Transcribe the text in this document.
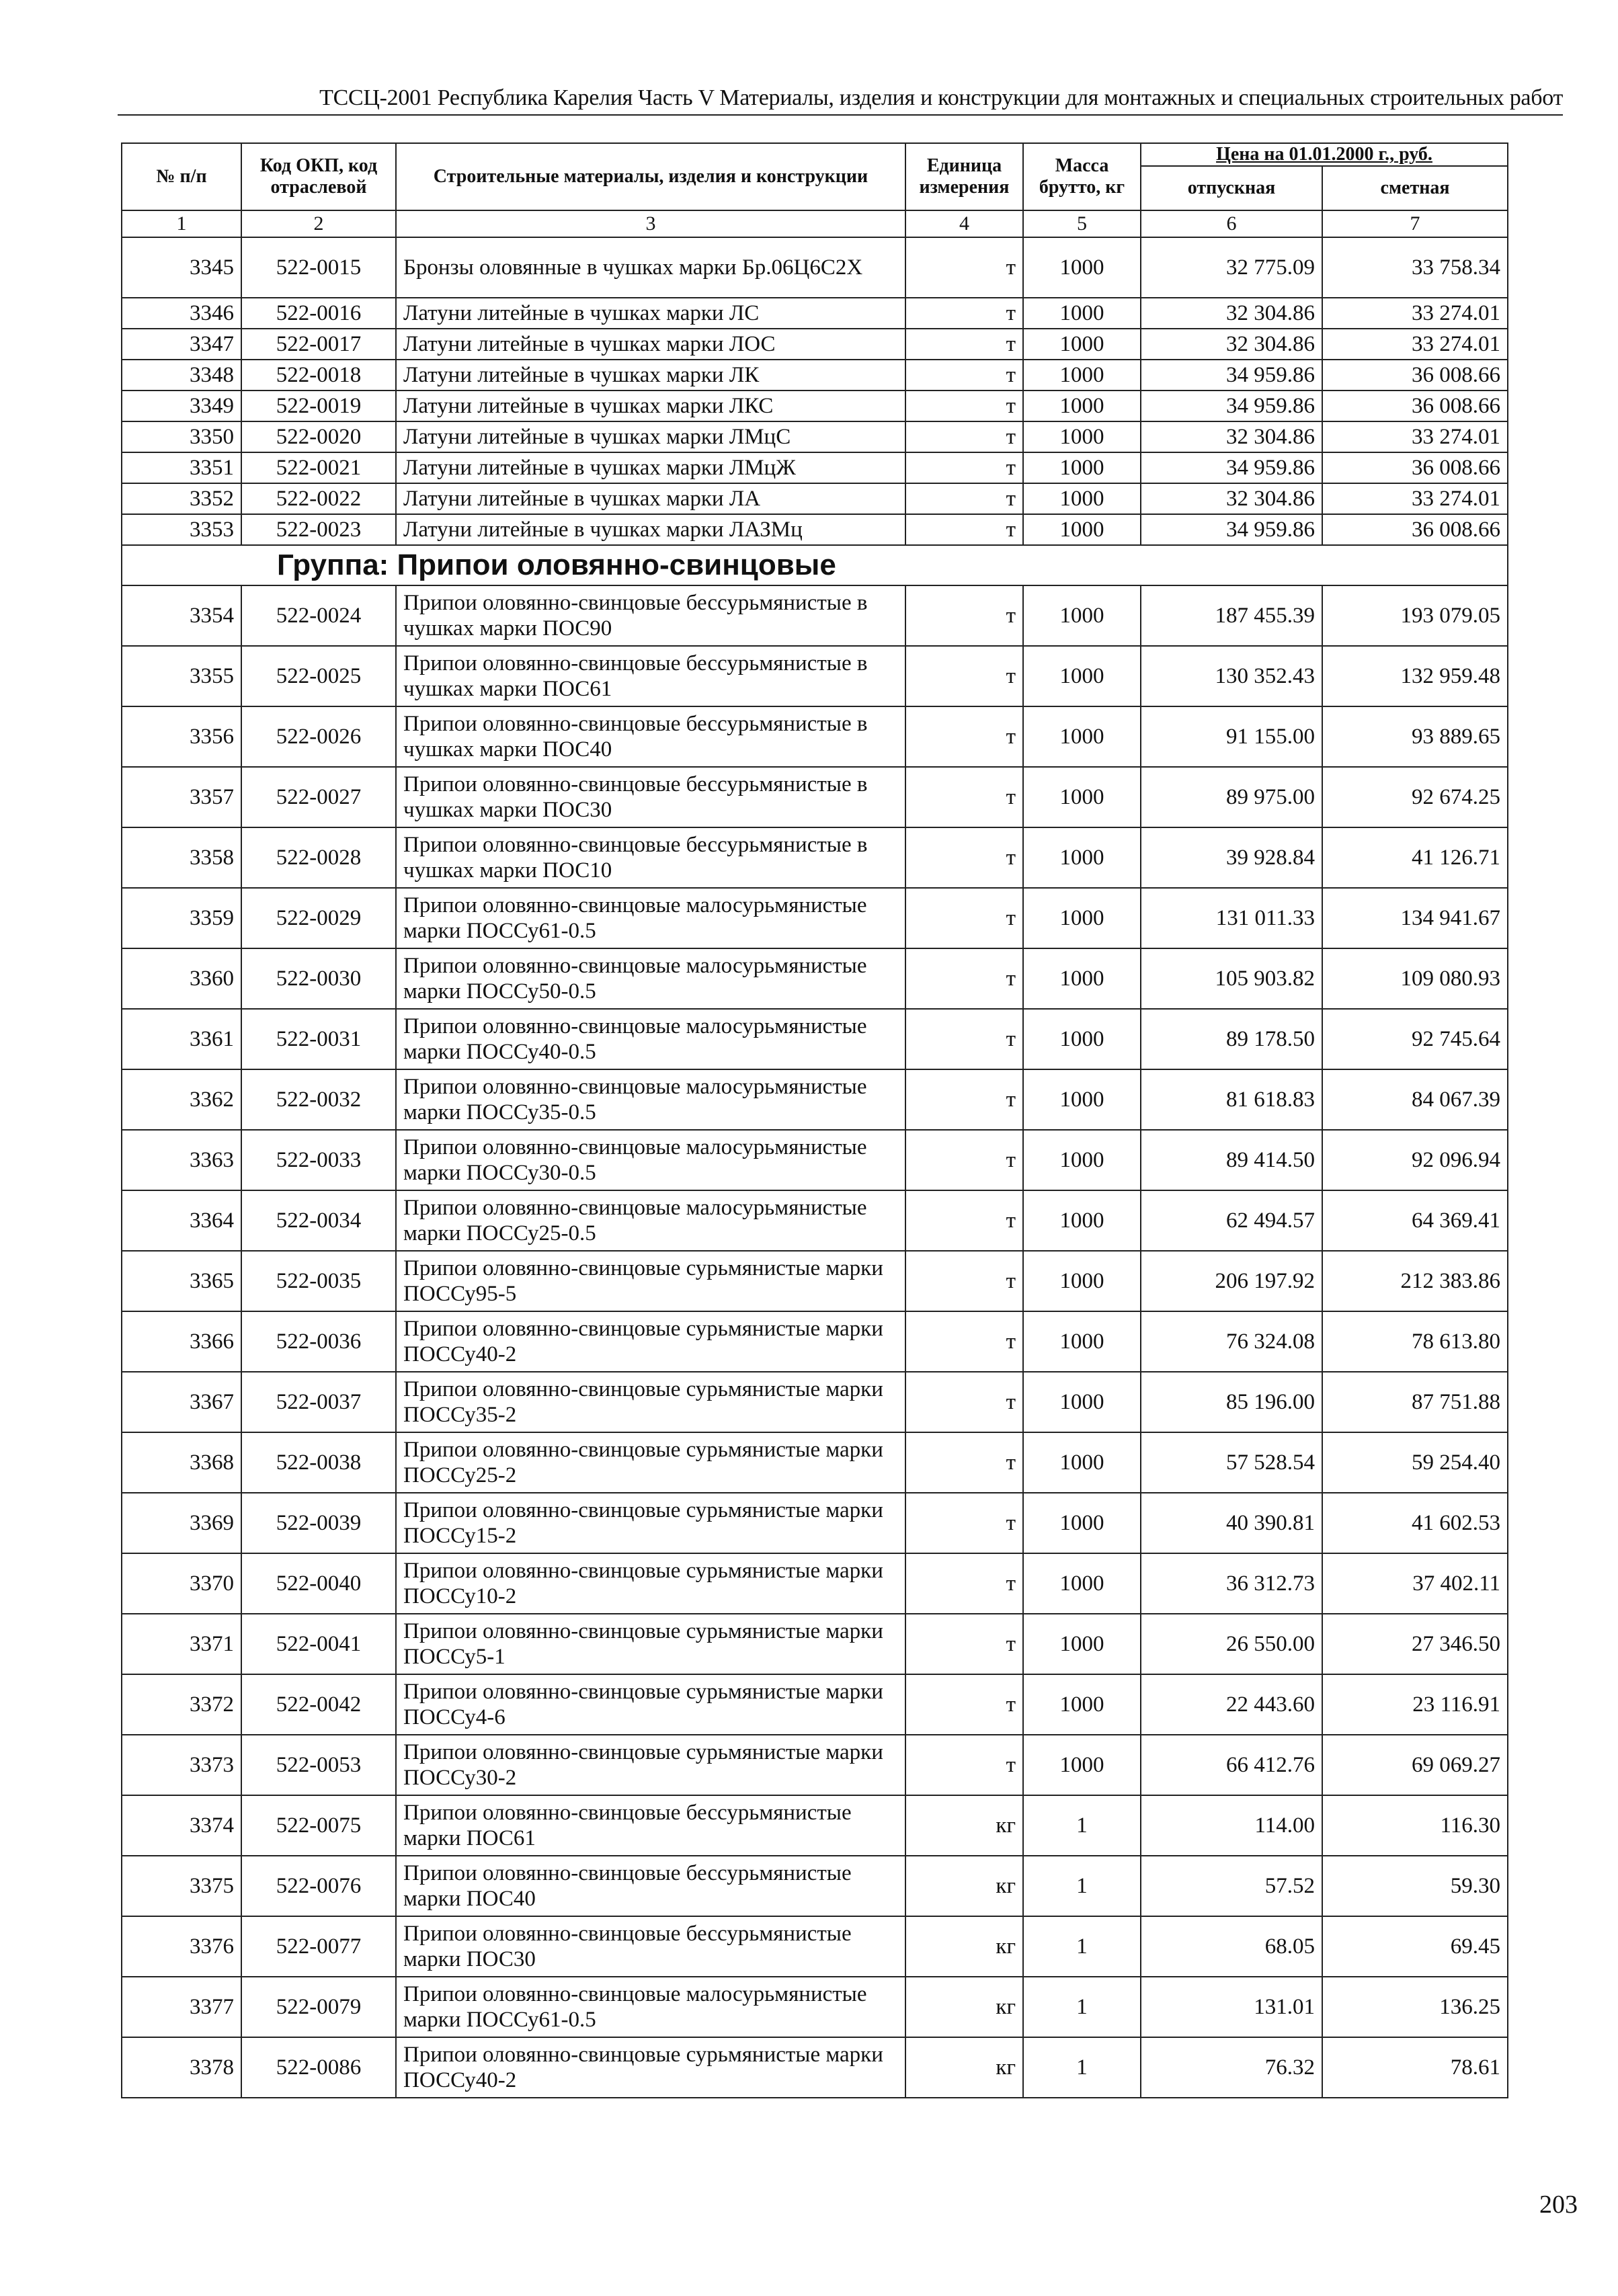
ТССЦ-2001 Республика Карелия Часть V Материалы, изделия и конструкции для монтажных и специальных строительных работ
№ п/п	Код ОКП, код отраслевой	Строительные материалы, изделия и конструкции	Единица измерения	Масса брутто, кг	Цена на 01.01.2000 г., руб.	
					отпускная	сметная
1	2	3	4	5	6	7
3345	522-0015	Бронзы оловянные в чушках марки Бр.06Ц6С2Х	т	1000	32 775.09	33 758.34
3346	522-0016	Латуни литейные в чушках марки ЛС	т	1000	32 304.86	33 274.01
3347	522-0017	Латуни литейные в чушках марки ЛОС	т	1000	32 304.86	33 274.01
3348	522-0018	Латуни литейные в чушках марки ЛК	т	1000	34 959.86	36 008.66
3349	522-0019	Латуни литейные в чушках марки ЛКС	т	1000	34 959.86	36 008.66
3350	522-0020	Латуни литейные в чушках марки ЛМцС	т	1000	32 304.86	33 274.01
3351	522-0021	Латуни литейные в чушках марки ЛМцЖ	т	1000	34 959.86	36 008.66
3352	522-0022	Латуни литейные в чушках марки ЛА	т	1000	32 304.86	33 274.01
3353	522-0023	Латуни литейные в чушках марки ЛАЗМц	т	1000	34 959.86	36 008.66
Группа: Припои оловянно-свинцовые						
3354	522-0024	Припои оловянно-свинцовые бессурьмянистые в чушках марки ПОС90	т	1000	187 455.39	193 079.05
3355	522-0025	Припои оловянно-свинцовые бессурьмянистые в чушках марки ПОС61	т	1000	130 352.43	132 959.48
3356	522-0026	Припои оловянно-свинцовые бессурьмянистые в чушках марки ПОС40	т	1000	91 155.00	93 889.65
3357	522-0027	Припои оловянно-свинцовые бессурьмянистые в чушках марки ПОС30	т	1000	89 975.00	92 674.25
3358	522-0028	Припои оловянно-свинцовые бессурьмянистые в чушках марки ПОС10	т	1000	39 928.84	41 126.71
3359	522-0029	Припои оловянно-свинцовые малосурьмянистые марки ПОССу61-0.5	т	1000	131 011.33	134 941.67
3360	522-0030	Припои оловянно-свинцовые малосурьмянистые марки ПОССу50-0.5	т	1000	105 903.82	109 080.93
3361	522-0031	Припои оловянно-свинцовые малосурьмянистые марки ПОССу40-0.5	т	1000	89 178.50	92 745.64
3362	522-0032	Припои оловянно-свинцовые малосурьмянистые марки ПОССу35-0.5	т	1000	81 618.83	84 067.39
3363	522-0033	Припои оловянно-свинцовые малосурьмянистые марки ПОССу30-0.5	т	1000	89 414.50	92 096.94
3364	522-0034	Припои оловянно-свинцовые малосурьмянистые марки ПОССу25-0.5	т	1000	62 494.57	64 369.41
3365	522-0035	Припои оловянно-свинцовые сурьмянистые марки ПОССу95-5	т	1000	206 197.92	212 383.86
3366	522-0036	Припои оловянно-свинцовые сурьмянистые марки ПОССу40-2	т	1000	76 324.08	78 613.80
3367	522-0037	Припои оловянно-свинцовые сурьмянистые марки ПОССу35-2	т	1000	85 196.00	87 751.88
3368	522-0038	Припои оловянно-свинцовые сурьмянистые марки ПОССу25-2	т	1000	57 528.54	59 254.40
3369	522-0039	Припои оловянно-свинцовые сурьмянистые марки ПОССу15-2	т	1000	40 390.81	41 602.53
3370	522-0040	Припои оловянно-свинцовые сурьмянистые марки ПОССу10-2	т	1000	36 312.73	37 402.11
3371	522-0041	Припои оловянно-свинцовые сурьмянистые марки ПОССу5-1	т	1000	26 550.00	27 346.50
3372	522-0042	Припои оловянно-свинцовые сурьмянистые марки ПОССу4-6	т	1000	22 443.60	23 116.91
3373	522-0053	Припои оловянно-свинцовые сурьмянистые марки ПОССу30-2	т	1000	66 412.76	69 069.27
3374	522-0075	Припои оловянно-свинцовые бессурьмянистые марки ПОС61	кг	1	114.00	116.30
3375	522-0076	Припои оловянно-свинцовые бессурьмянистые марки ПОС40	кг	1	57.52	59.30
3376	522-0077	Припои оловянно-свинцовые бессурьмянистые марки ПОС30	кг	1	68.05	69.45
3377	522-0079	Припои оловянно-свинцовые малосурьмянистые марки ПОССу61-0.5	кг	1	131.01	136.25
3378	522-0086	Припои оловянно-свинцовые сурьмянистые марки ПОССу40-2	кг	1	76.32	78.61
203
